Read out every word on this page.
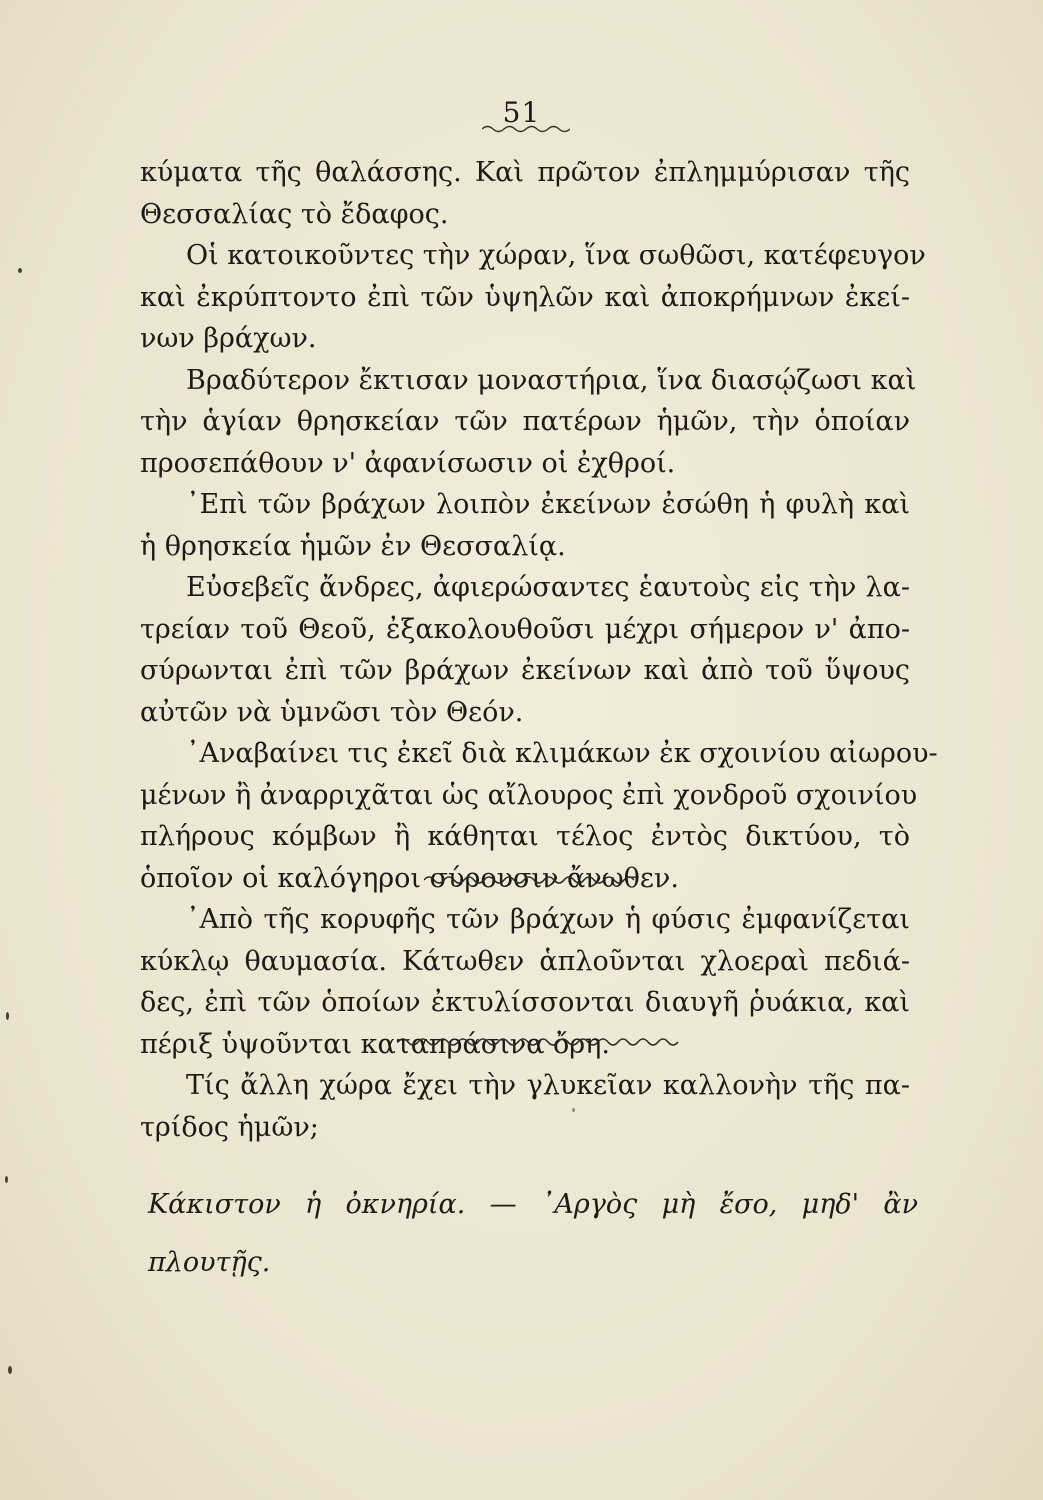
51
κύματα τῆς θαλάσσης. Καὶ πρῶτον ἐπλημμύρισαν τῆς
Θεσσαλίας τὸ ἔδαφος.
Οἱ κατοικοῦντες τὴν χώραν, ἵνα σωθῶσι, κατέφευγον
καὶ ἐκρύπτοντο ἐπὶ τῶν ὑψηλῶν καὶ ἀποκρήμνων ἐκεί-
νων βράχων.
Βραδύτερον ἔκτισαν μοναστήρια, ἵνα διασῴζωσι καὶ
τὴν ἁγίαν θρησκείαν τῶν πατέρων ἡμῶν, τὴν ὁποίαν
προσεπάθουν ν' ἀφανίσωσιν οἱ ἐχθροί.
᾿Επὶ τῶν βράχων λοιπὸν ἐκείνων ἐσώθη ἡ φυλὴ καὶ
ἡ θρησκεία ἡμῶν ἐν Θεσσαλίᾳ.
Εὐσεβεῖς ἄνδρες, ἀφιερώσαντες ἑαυτοὺς εἰς τὴν λα-
τρείαν τοῦ Θεοῦ, ἐξακολουθοῦσι μέχρι σήμερον ν' ἀπο-
σύρωνται ἐπὶ τῶν βράχων ἐκείνων καὶ ἀπὸ τοῦ ὕψους
αὐτῶν νὰ ὑμνῶσι τὸν Θεόν.
᾿Αναβαίνει τις ἐκεῖ διὰ κλιμάκων ἐκ σχοινίου αἰωρου-
μένων ἢ ἀναρριχᾶται ὡς αἴλουρος ἐπὶ χονδροῦ σχοινίου
πλήρους κόμβων ἢ κάθηται τέλος ἐντὸς δικτύου, τὸ
ὁποῖον οἱ καλόγηροι σύρουσιν ἄνωθεν.
᾿Απὸ τῆς κορυφῆς τῶν βράχων ἡ φύσις ἐμφανίζεται
κύκλῳ θαυμασία. Κάτωθεν ἁπλοῦνται χλοεραὶ πεδιά-
δες, ἐπὶ τῶν ὁποίων ἐκτυλίσσονται διαυγῆ ῥυάκια, καὶ
πέριξ ὑψοῦνται καταπράσινα ὄρη.
Τίς ἄλλη χώρα ἔχει τὴν γλυκεῖαν καλλονὴν τῆς πα-
τρίδος ἡμῶν;
Κάκιστον ἡ ὀκνηρία. — ᾿Αργὸς μὴ ἔσο, μηδ' ἂν
πλουτῇς.
